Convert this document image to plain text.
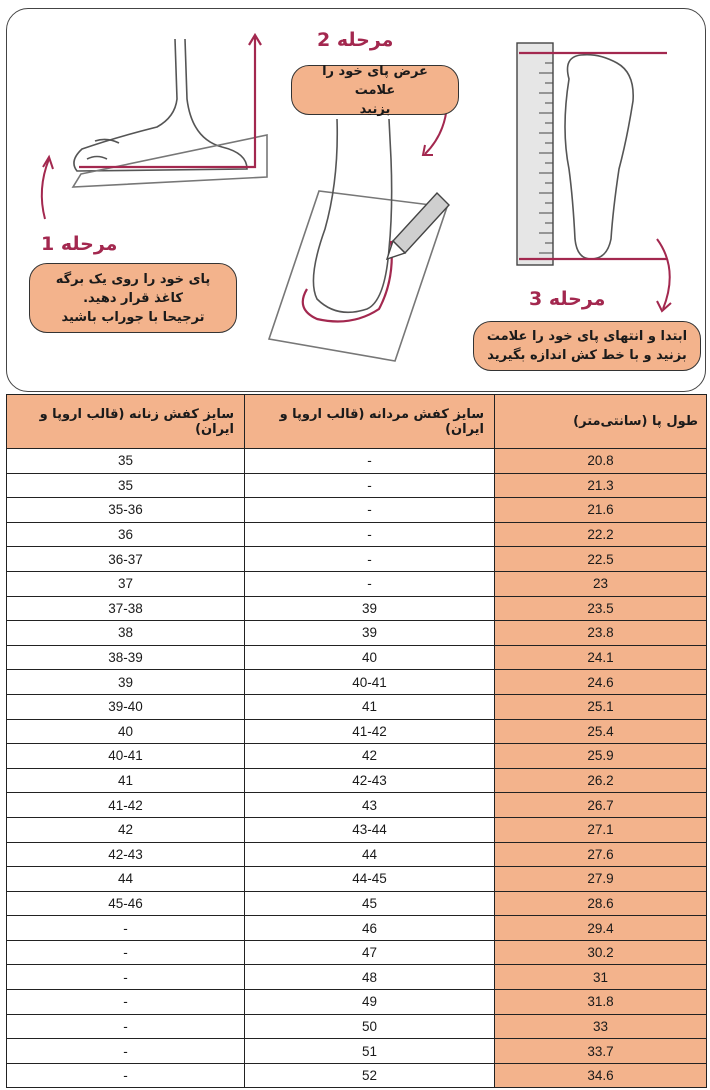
مرحله 1
پای خود را روی یک برگه
کاغذ قرار دهید.
ترجیحا با جوراب باشید
مرحله 2
عرض پای خود را علامت
بزنید
مرحله 3
ابتدا و انتهای پای خود را علامت
بزنید و با خط کش اندازه بگیرید
طول پا (سانتی‌متر)	سایز کفش مردانه (قالب اروپا و ایران)	سایز کفش زنانه (قالب اروپا و ایران)
20.8	-	35
21.3	-	35
21.6	-	35-36
22.2	-	36
22.5	-	36-37
23	-	37
23.5	39	37-38
23.8	39	38
24.1	40	38-39
24.6	40-41	39
25.1	41	39-40
25.4	41-42	40
25.9	42	40-41
26.2	42-43	41
26.7	43	41-42
27.1	43-44	42
27.6	44	42-43
27.9	44-45	44
28.6	45	45-46
29.4	46	-
30.2	47	-
31	48	-
31.8	49	-
33	50	-
33.7	51	-
34.6	52	-
